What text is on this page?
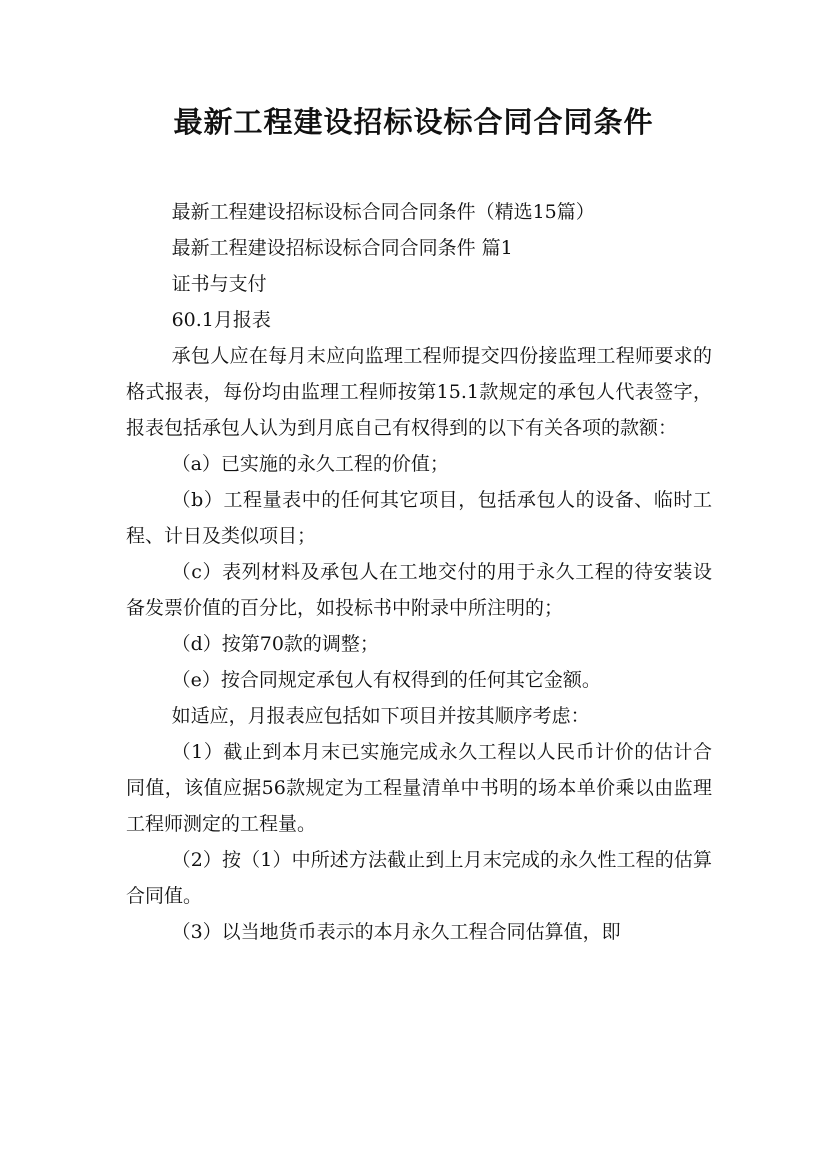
最新工程建设招标设标合同合同条件

最新工程建设招标设标合同合同条件（精选15篇）

最新工程建设招标设标合同合同条件 篇1

证书与支付

60.1月报表

承包人应在每月末应向监理工程师提交四份接监理工程师要求的格式报表，每份均由监理工程师按第15.1款规定的承包人代表签字，报表包括承包人认为到月底自己有权得到的以下有关各项的款额：

（a）已实施的永久工程的价值；

（b）工程量表中的任何其它项目，包括承包人的设备、临时工程、计日及类似项目；

（c）表列材料及承包人在工地交付的用于永久工程的待安装设备发票价值的百分比，如投标书中附录中所注明的；

（d）按第70款的调整；

（e）按合同规定承包人有权得到的任何其它金额。

如适应，月报表应包括如下项目并按其顺序考虑：

（1）截止到本月末已实施完成永久工程以人民币计价的估计合同值，该值应据56款规定为工程量清单中书明的场本单价乘以由监理工程师测定的工程量。

（2）按（1）中所述方法截止到上月末完成的永久性工程的估算合同值。

（3）以当地货币表示的本月永久工程合同估算值，即
